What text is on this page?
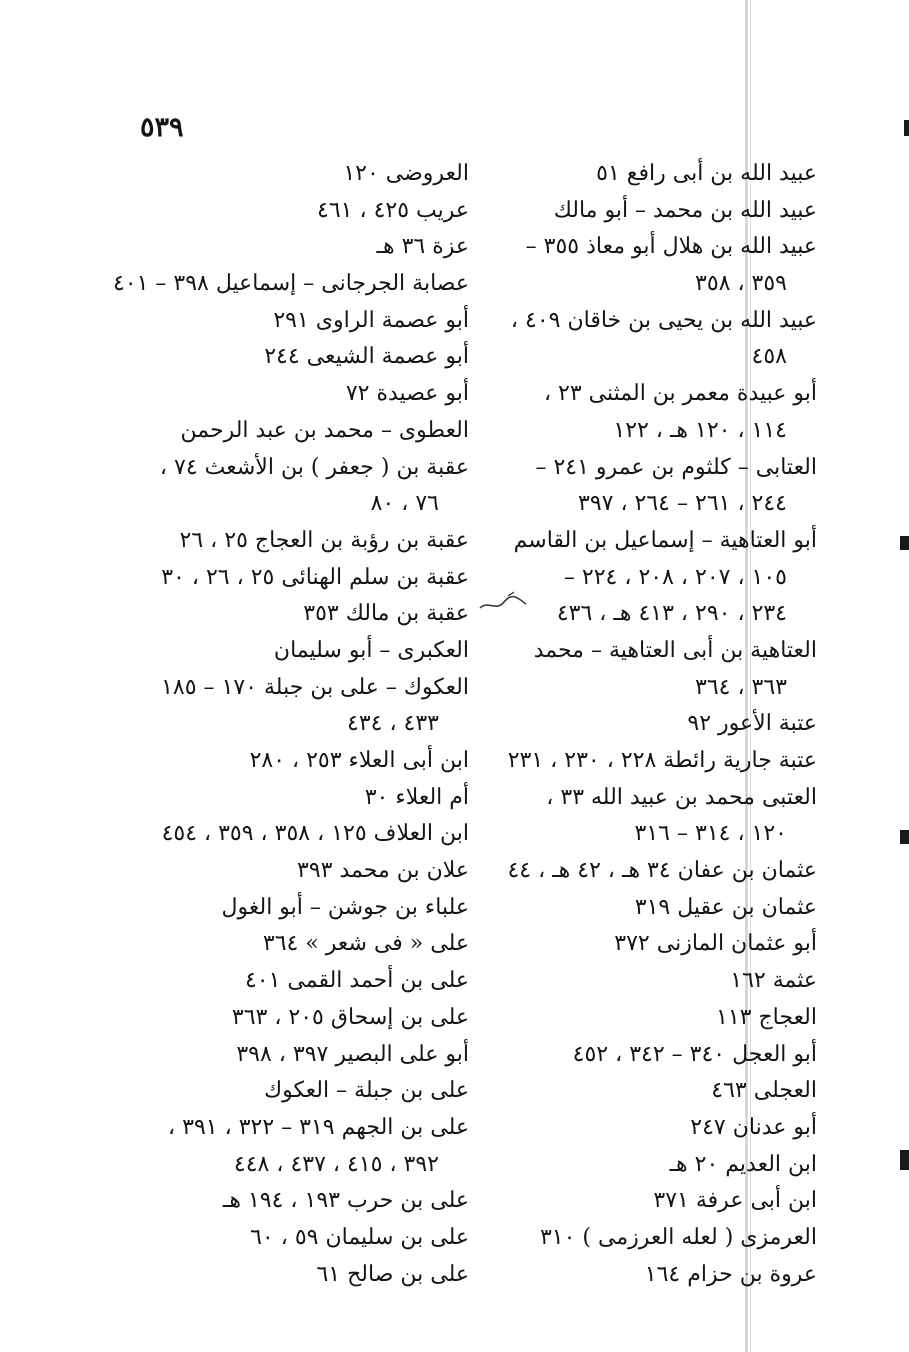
٥٣٩
عبيد الله بن أبى رافع ٥١
عبيد الله بن محمد – أبو مالك
عبيد الله بن هلال أبو معاذ ٣٥٥ –
٣٥٩ ، ٣٥٨
عبيد الله بن يحيى بن خاقان ٤٠٩ ،
٤٥٨
أبو عبيدة معمر بن المثنى ٢٣ ،
١١٤ ، ١٢٠ هـ ، ١٢٢
العتابى – كلثوم بن عمرو ٢٤١ –
٢٤٤ ، ٢٦١ – ٢٦٤ ، ٣٩٧
أبو العتاهية – إسماعيل بن القاسم
١٠٥ ، ٢٠٧ ، ٢٠٨ ، ٢٢٤ –
٢٣٤ ، ٢٩٠ ، ٤١٣ هـ ، ٤٣٦
العتاهية بن أبى العتاهية – محمد
٣٦٣ ، ٣٦٤
عتبة الأعور ٩٢
عتبة جارية رائطة ٢٢٨ ، ٢٣٠ ، ٢٣١
العتبى محمد بن عبيد الله ٣٣ ،
١٢٠ ، ٣١٤ – ٣١٦
عثمان بن عفان ٣٤ هـ ، ٤٢ هـ ، ٤٤
عثمان بن عقيل ٣١٩
أبو عثمان المازنى ٣٧٢
عثمة ١٦٢
العجاج ١١٣
أبو العجل ٣٤٠ – ٣٤٢ ، ٤٥٢
العجلى ٤٦٣
أبو عدنان ٢٤٧
ابن العديم ٢٠ هـ
ابن أبى عرفة ٣٧١
العرمزى ( لعله العرزمى ) ٣١٠
عروة بن حزام ١٦٤
العروضى ١٢٠
عريب ٤٢٥ ، ٤٦١
عزة ٣٦ هـ
عصابة الجرجانى – إسماعيل ٣٩٨ – ٤٠١
أبو عصمة الراوى ٢٩١
أبو عصمة الشيعى ٢٤٤
أبو عصيدة ٧٢
العطوى – محمد بن عبد الرحمن
عقبة بن ( جعفر ) بن الأشعث ٧٤ ،
٧٦ ، ٨٠
عقبة بن رؤبة بن العجاج ٢٥ ، ٢٦
عقبة بن سلم الهنائى ٢٥ ، ٢٦ ، ٣٠
عقبة بن مالك ٣٥٣
العكبرى – أبو سليمان
العكوك – على بن جبلة ١٧٠ – ١٨٥
٤٣٣ ، ٤٣٤
ابن أبى العلاء ٢٥٣ ، ٢٨٠
أم العلاء ٣٠
ابن العلاف ١٢٥ ، ٣٥٨ ، ٣٥٩ ، ٤٥٤
علان بن محمد ٣٩٣
علباء بن جوشن – أبو الغول
على « فى شعر » ٣٦٤
على بن أحمد القمى ٤٠١
على بن إسحاق ٢٠٥ ، ٣٦٣
أبو على البصير ٣٩٧ ، ٣٩٨
على بن جبلة – العكوك
على بن الجهم ٣١٩ – ٣٢٢ ، ٣٩١ ،
٣٩٢ ، ٤١٥ ، ٤٣٧ ، ٤٤٨
على بن حرب ١٩٣ ، ١٩٤ هـ
على بن سليمان ٥٩ ، ٦٠
على بن صالح ٦١
